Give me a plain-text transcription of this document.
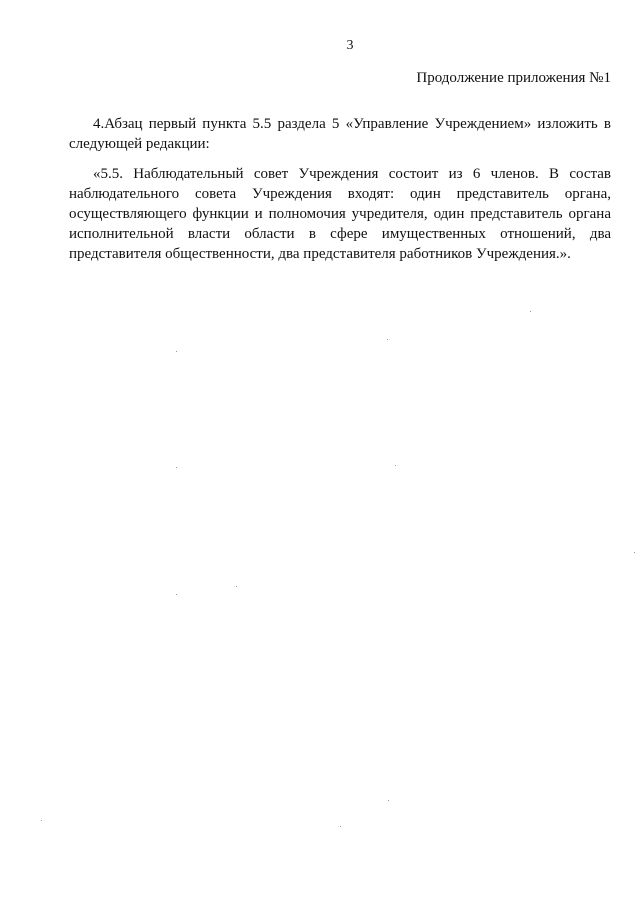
3
Продолжение приложения №1

4.Абзац первый пункта 5.5 раздела 5 «Управление Учреждением» изложить в следующей редакции:

«5.5. Наблюдательный совет Учреждения состоит из 6 членов. В состав наблюдательного совета Учреждения входят: один представитель органа, осуществляющего функции и полномочия учредителя, один представитель органа исполнительной власти области в сфере имущественных отношений, два представителя общественности, два представителя работников Учреждения.».
